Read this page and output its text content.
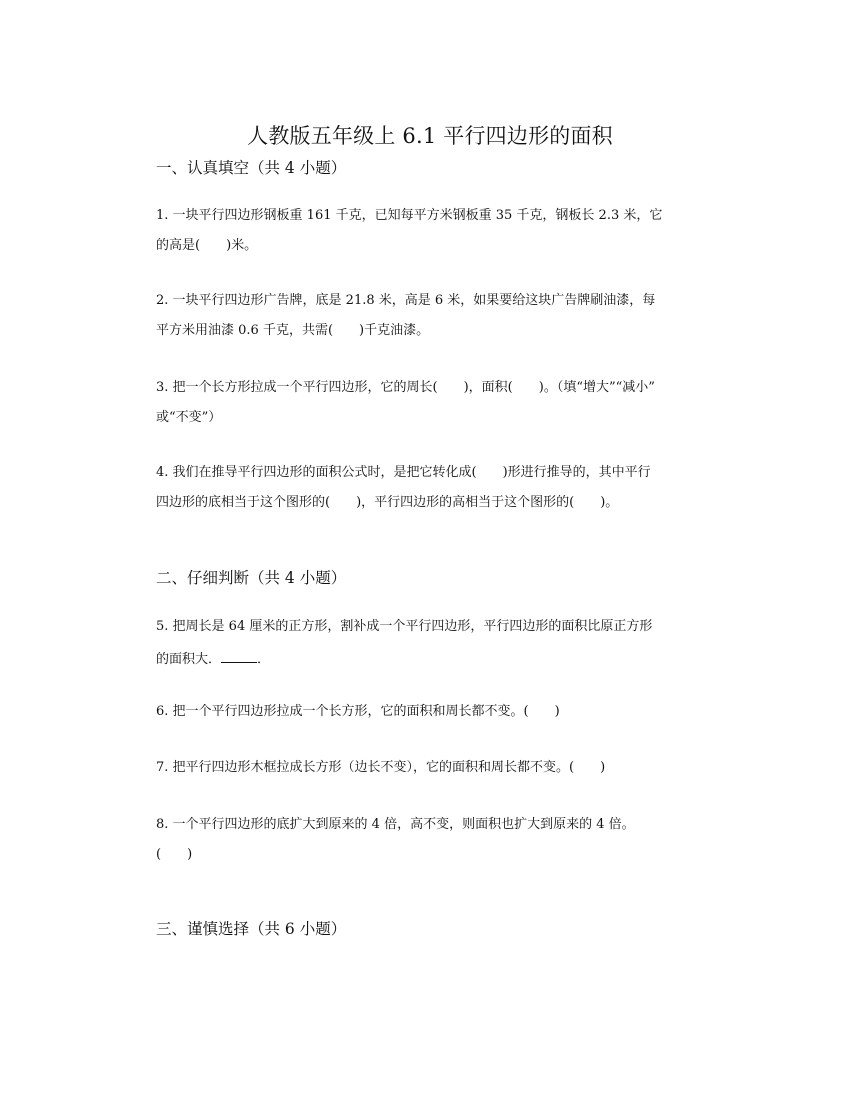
人教版五年级上 6.1 平行四边形的面积
一、认真填空（共 4 小题）
1. 一块平行四边形钢板重 161 千克，已知每平方米钢板重 35 千克，钢板长 2.3 米，它
的高是(　　)米。
2. 一块平行四边形广告牌，底是 21.8 米，高是 6 米，如果要给这块广告牌刷油漆，每
平方米用油漆 0.6 千克，共需(　　)千克油漆。
3. 把一个长方形拉成一个平行四边形，它的周长(　　)，面积(　　)。（填“增大”“减小”
或“不变”）
4. 我们在推导平行四边形的面积公式时，是把它转化成(　　)形进行推导的，其中平行
四边形的底相当于这个图形的(　　)，平行四边形的高相当于这个图形的(　　)。
二、仔细判断（共 4 小题）
5. 把周长是 64 厘米的正方形，割补成一个平行四边形，平行四边形的面积比原正方形
的面积大．	．
6. 把一个平行四边形拉成一个长方形，它的面积和周长都不变。(　　)
7. 把平行四边形木框拉成长方形（边长不变），它的面积和周长都不变。(　　)
8. 一个平行四边形的底扩大到原来的 4 倍，高不变，则面积也扩大到原来的 4 倍。
(　　)
三、谨慎选择（共 6 小题）
